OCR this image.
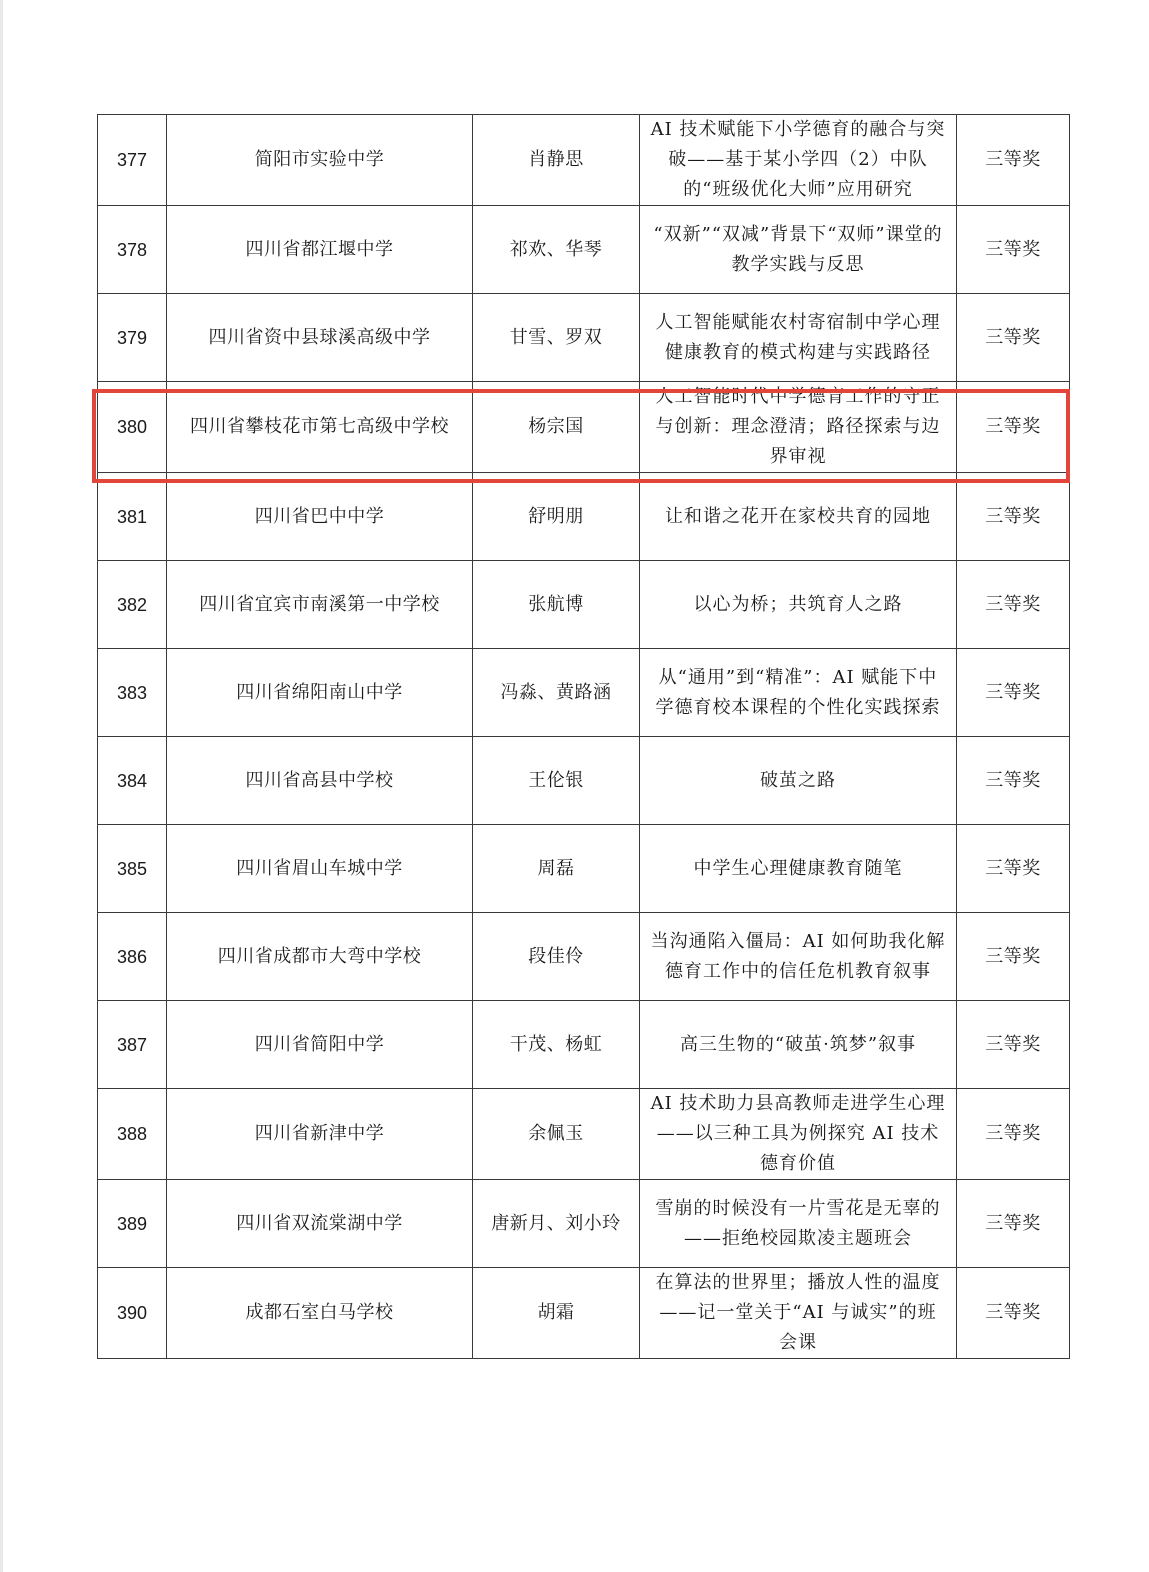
377	简阳市实验中学	肖静思	AI 技术赋能下小学德育的融合与突破——基于某小学四（2）中队的“班级优化大师”应用研究	三等奖
378	四川省都江堰中学	祁欢、华琴	“双新”“双减”背景下“双师”课堂的教学实践与反思	三等奖
379	四川省资中县球溪高级中学	甘雪、罗双	人工智能赋能农村寄宿制中学心理健康教育的模式构建与实践路径	三等奖
380	四川省攀枝花市第七高级中学校	杨宗国	人工智能时代中学德育工作的守正与创新：理念澄清；路径探索与边界审视	三等奖
381	四川省巴中中学	舒明朋	让和谐之花开在家校共育的园地	三等奖
382	四川省宜宾市南溪第一中学校	张航博	以心为桥；共筑育人之路	三等奖
383	四川省绵阳南山中学	冯淼、黄路涵	从“通用”到“精准”：AI 赋能下中学德育校本课程的个性化实践探索	三等奖
384	四川省高县中学校	王伦银	破茧之路	三等奖
385	四川省眉山车城中学	周磊	中学生心理健康教育随笔	三等奖
386	四川省成都市大弯中学校	段佳伶	当沟通陷入僵局：AI 如何助我化解德育工作中的信任危机教育叙事	三等奖
387	四川省简阳中学	干茂、杨虹	高三生物的“破茧·筑梦”叙事	三等奖
388	四川省新津中学	余佩玉	AI 技术助力县高教师走进学生心理——以三种工具为例探究 AI 技术德育价值	三等奖
389	四川省双流棠湖中学	唐新月、刘小玲	雪崩的时候没有一片雪花是无辜的——拒绝校园欺凌主题班会	三等奖
390	成都石室白马学校	胡霜	在算法的世界里；播放人性的温度——记一堂关于“AI 与诚实”的班会课	三等奖
